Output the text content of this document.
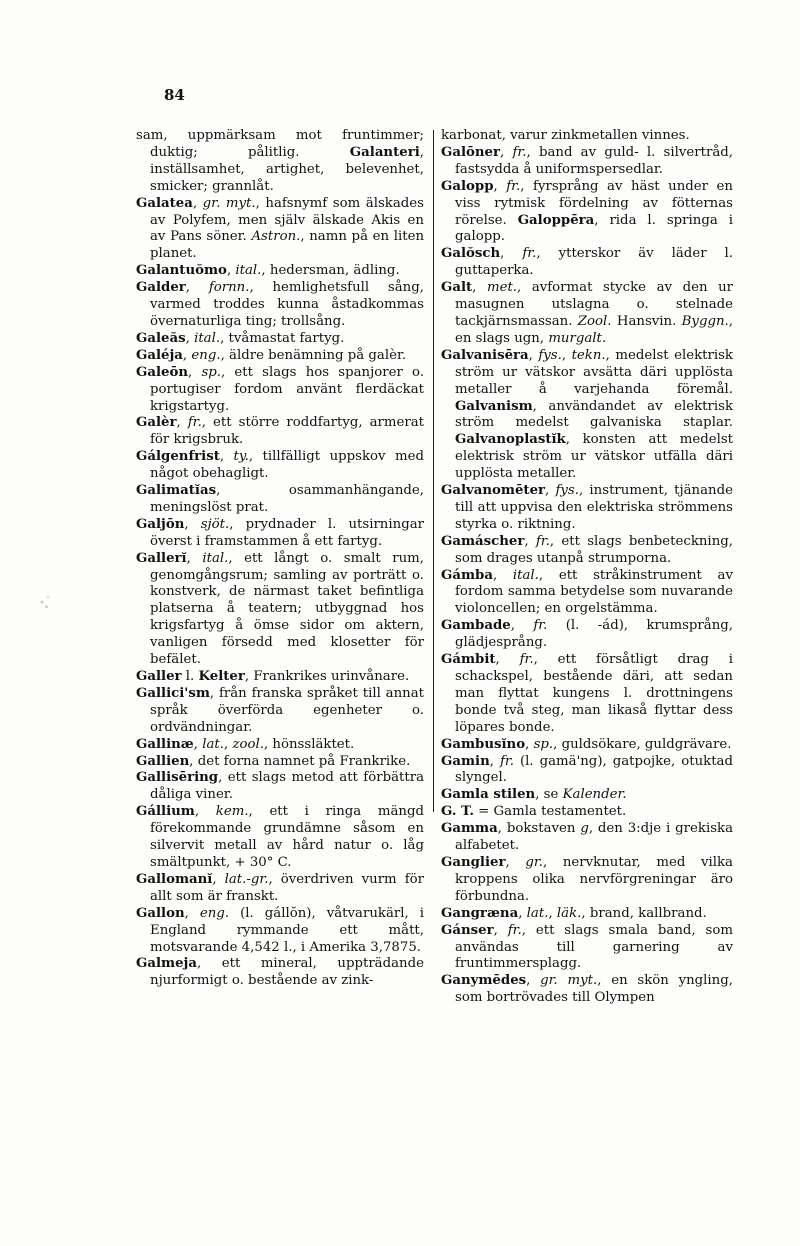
84

sam, uppmärksam mot fruntimmer; duktig; pålitlig. Galanteri, inställsamhet, artighet, belevenhet, smicker; grannlåt.

Galatea, gr. myt., hafsnymf som älskades av Polyfem, men själv älskade Akis en av Pans söner. Astron., namn på en liten planet.

Galantuŏmo, ital., hedersman, ädling.

Galder, fornn., hemlighetsfull sång, varmed troddes kunna åstadkommas övernaturliga ting; trollsång.

Galeăs, ital., tvåmastat fartyg.

Galéja, eng., äldre benämning på galèr.

Galeōn, sp., ett slags hos spanjorer o. portugiser fordom använt flerdäckat krigstartyg.

Galèr, fr., ett större roddfartyg, armerat för krigsbruk.

Gálgenfrist, ty., tillfälligt uppskov med något obehagligt.

Galimatĭas, osammanhängande, meningslöst prat.

Galjōn, sjöt., prydnader l. utsirningar överst i framstammen å ett fartyg.

Gallerĭ, ital., ett långt o. smalt rum, genomgångsrum; samling av porträtt o. konstverk, de närmast taket befintliga platserna å teatern; utbyggnad hos krigsfartyg å ömse sidor om aktern, vanligen försedd med klosetter för befälet.

Galler l. Kelter, Frankrikes urinvånare.

Gallici'sm, från franska språket till annat språk överförda egenheter o. ordvändningar.

Gallinæ, lat., zool., hönssläktet.

Gallien, det forna namnet på Frankrike.

Gallisēring, ett slags metod att förbättra dåliga viner.

Gállium, kem., ett i ringa mängd förekommande grundämne såsom en silvervit metall av hård natur o. låg smältpunkt, + 30° C.

Gallomanĭ, lat.-gr., överdriven vurm för allt som är franskt.

Gallon, eng. (l. gállŏn), våtvarukärl, i England rymmande ett mått, motsvarande 4,542 l., i Amerika 3,7875.

Galmeja, ett mineral, uppträdande njurformigt o. bestående av zink-

karbonat, varur zinkmetallen vinnes.

Galōner, fr., band av guld- l. silvertråd, fastsydda å uniformspersedlar.

Galopp, fr., fyrsprång av häst under en viss rytmisk fördelning av fötternas rörelse. Galoppēra, rida l. springa i galopp.

Galŏsch, fr., ytterskor äv läder l. guttaperka.

Galt, met., avformat stycke av den ur masugnen utslagna o. stelnade tackjärnsmassan. Zool. Hansvin. Byggn., en slags ugn, murgalt.

Galvanisēra, fys., tekn., medelst elektrisk ström ur vätskor avsätta däri upplösta metaller å varjehanda föremål. Galvanism, användandet av elektrisk ström medelst galvaniska staplar. Galvanoplastĭk, konsten att medelst elektrisk ström ur vätskor utfälla däri upplösta metaller.

Galvanomēter, fys., instrument, tjänande till att uppvisa den elektriska strömmens styrka o. riktning.

Gamáscher, fr., ett slags benbeteckning, som drages utanpå strumporna.

Gámba, ital., ett stråkinstrument av fordom samma betydelse som nuvarande violoncellen; en orgelstämma.

Gambade, fr. (l. -ád), krumsprång, glädjesprång.

Gámbit, fr., ett försåtligt drag i schackspel, bestående däri, att sedan man flyttat kungens l. drottningens bonde två steg, man likaså flyttar dess löpares bonde.

Gambusĭno, sp., guldsökare, guldgrävare.

Gamin, fr. (l. gamä'ng), gatpojke, otuktad slyngel.

Gamla stilen, se Kalender.

G. T. = Gamla testamentet.

Gamma, bokstaven g, den 3:dje i grekiska alfabetet.

Ganglier, gr., nervknutar, med vilka kroppens olika nervförgreningar äro förbundna.

Gangræna, lat., läk., brand, kallbrand.

Gánser, fr., ett slags smala band, som användas till garnering av fruntimmersplagg.

Ganymēdes, gr. myt., en skön yngling, som bortrövades till Olympen
